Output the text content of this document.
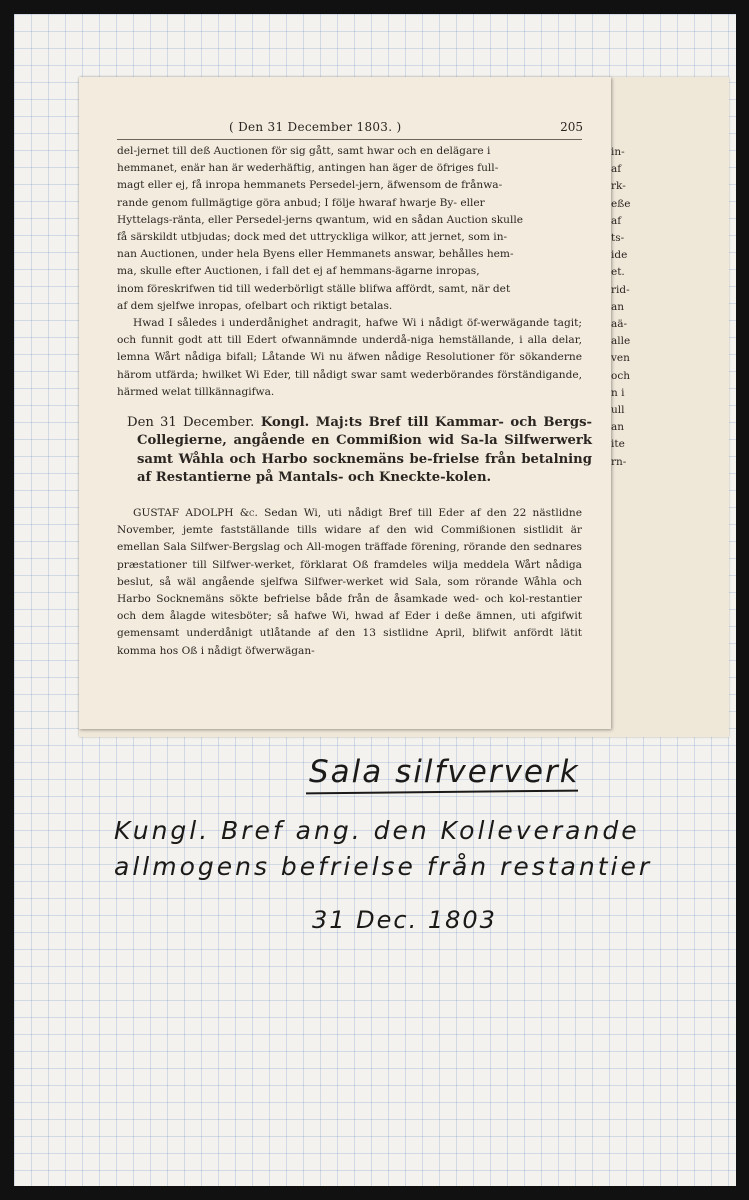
in-
af
rk-
eße
af
ts-
ide
et.
rid-
an
aä-
alle
ven
och
n i
ull
an
ite
rn-
( Den 31 December 1803. )	205

del-jernet till deß Auctionen för sig gått, samt hwar och en delägare i

hemmanet, enär han är wederhäftig, antingen han äger de öfriges full-

magt eller ej, få inropa hemmanets Persedel-jern, äfwensom de frånwa-

rande genom fullmägtige göra anbud; I följe hwaraf hwarje By- eller

Hyttelags-ränta, eller Persedel-jerns qwantum, wid en sådan Auction skulle

få särskildt utbjudas; dock med det uttryckliga wilkor, att jernet, som in-

nan Auctionen, under hela Byens eller Hemmanets answar, behålles hem-

ma, skulle efter Auctionen, i fall det ej af hemmans-ägarne inropas,

inom föreskrifwen tid till wederbörligt ställe blifwa affördt, samt, när det

af dem sjelfwe inropas, ofelbart och riktigt betalas.

Hwad I således i underdånighet andragit, hafwe Wi i nådigt öf-werwägande tagit; och funnit godt att till Edert ofwannämnde underdå-niga hemställande, i alla delar, lemna Wårt nådiga bifall; Låtande Wi nu äfwen nådige Resolutioner för sökanderne härom utfärda; hwilket Wi Eder, till nådigt swar samt wederbörandes förständigande, härmed welat tillkännagifwa.

Den 31 December. Kongl. Maj:ts Bref till Kammar- och Bergs-Collegierne, angående en Commißion wid Sa-la Silfwerwerk samt Wåhla och Harbo socknemäns be-frielse från betalning af Restantierne på Mantals- och Kneckte-kolen.

GUSTAF ADOLPH &c. Sedan Wi, uti nådigt Bref till Eder af den 22 nästlidne November, jemte fastställande tills widare af den wid Commißionen sistlidit är emellan Sala Silfwer-Bergslag och All-mogen träffade förening, rörande den sednares præstationer till Silfwer-werket, förklarat Oß framdeles wilja meddela Wårt nådiga beslut, så wäl angående sjelfwa Silfwer-werket wid Sala, som rörande Wåhla och Harbo Socknemäns sökte befrielse både från de åsamkade wed- och kol-restantier och dem ålagde witesböter; så hafwe Wi, hwad af Eder i deße ämnen, uti afgifwit gemensamt underdånigt utlåtande af den 13 sistlidne April, blifwit anfördt lätit komma hos Oß i nådigt öfwerwägan-

Sala silfververk
Kungl. Bref ang. den Kolleverande
allmogens befrielse från restantier
31 Dec. 1803
